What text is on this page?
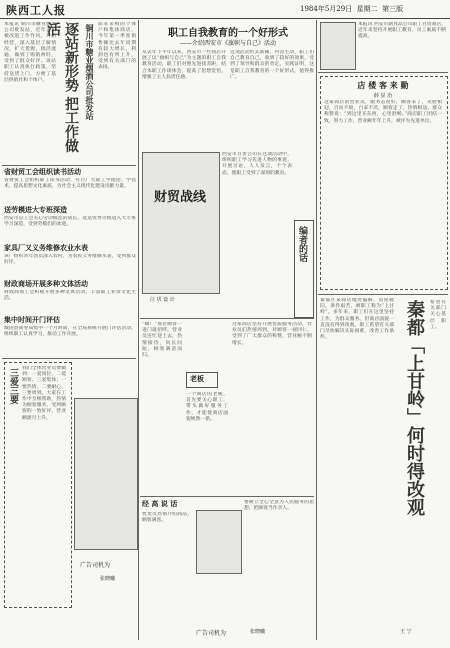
陕西工人报	1984年5月29日 星期二 第三版
本报讯 铜川市糖业烟酒公司批发站，近年来积极改进工作作风，开拓经营，深入基层了解情况，扩大货源，搞活流通，做到了购销两旺，受到了群众好评。该站职工认真执行政策，坚持送货上门，方便了基层供销社和个体户。	逐站新形势 把工作做活	铜川市糖业烟酒公司批发站 前来采购的个体户和集体商店，今年第一季度销售额比去年同期有较大增长，利润也有所上升，受到有关部门的表扬。
省财贸工会组织读书活动
省财贸工会组织职工读书活动，号召广大职工学理论、学技术，提高思想文化素质，为社会主义现代化建设贡献力量。
送劳模进大专班深造
西安市总工会关心劳动模范的成长，选送优秀劳模进入大专班学习深造，受到劳模们的欢迎。
家具厂又义务维修农业水表
该厂组织青年团员深入农村，为农民义务维修水表，受到群众好评。
财政商场开展多种文体活动
财政商场工会积极开展多种文体活动，丰富职工业余文化生活。
集中时间开门评估
城固县商业局集中一个月时间，在全局系统开展门评估活动，组织职工认真学习，推动工作开展。
三爱三要 我们全体营业员要做到：一爱岗位、二爱顾客、三爱集体；一要热情、二要耐心、三要周到。大家在工作中互相帮助，热情为顾客服务，受到顾客的一致好评，营业额逐月上升。
广告司机为
张晓曦
职工自我教育的一个好形式
——介绍西安市《旗帜与自己》活动
从去年下半年以来，西安市一些商店开展了以“旗帜与自己”为主题的职工自我教育活动，职工们对照先进找差距，结合本职工作谈体会，提高了思想觉悟，增强了主人翁责任感。
这项活动形式新颖、内容生动，职工们自己教育自己，收到了较好的效果，受到了领导和群众的肯定。实践证明，这是职工自我教育的一个好形式，值得推广。
财贸战线
汪 巩 设 计
西安市百货公司在这项活动中，组织职工学习先进人物的事迹，开展讨论，人人发言，个个表态，使职工受到了深刻的教育。
编者的话
“嗨！”那位顾客一进门就招呼。营业员连忙迎上去，热情接待，问长问短，顾客满意而归。
老板
一个商店的老板，首先要关心职工，带头做好服务工作，才能使商店面貌焕然一新。
这家商店坚持开展优质服务活动，营业员们热情周到，对顾客一视同仁，受到了广大群众的称赞，营业额不断增长。
经 高 说 话
售货员热情介绍商品，顾客满意。
要树立全心全意为人民服务的思想，把顾客当作亲人。
广告司机为	张晓曦
本报讯 西安市副食品公司职工百货商店，近年来坚持开展职工教育，员工素质不断提高。
店 楼 客 来 勤
薛 显 治
这家商店的营业员，服务态度好，顾客来了，笑脸相迎，百问不烦，百拿不厌，顾客走了，热情相送。群众称赞说：“到这里买东西，心里舒畅。”商店职工团结一致，努力工作，营业额年年上升，被评为先进单位。
秦都区某商店地处偏僻，房屋破旧，条件艰苦，被职工称为“上甘岭”。多年来，职工们在这里坚持工作，为群众服务。但商店面貌一直没有得到改观，职工希望有关部门尽快解决实际困难，改善工作条件。	秦都「上甘岭」何时得改观	希望有关部门关心基层职工。
王 宁
